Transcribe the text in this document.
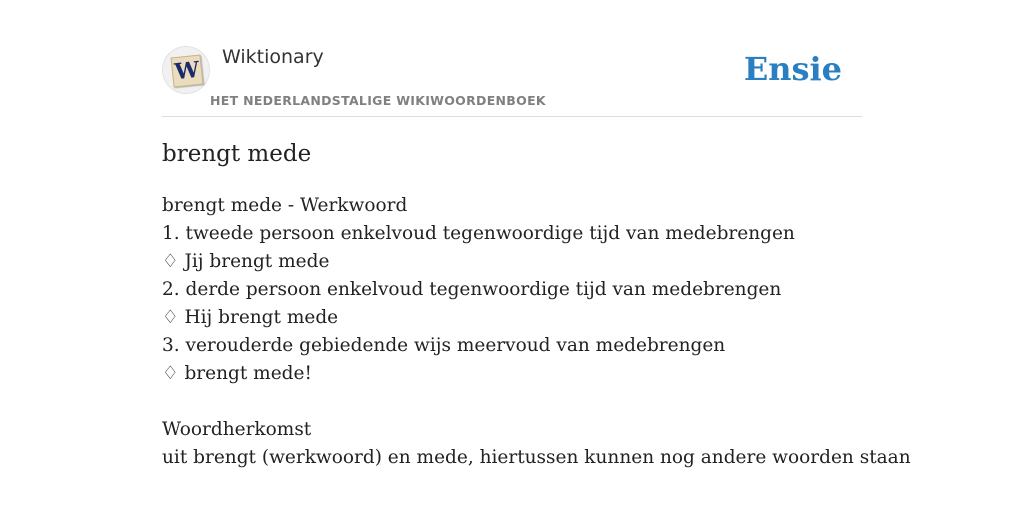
W Wiktionary
HET NEDERLANDSTALIGE WIKIWOORDENBOEK
Ensie
brengt mede
brengt mede - Werkwoord
1. tweede persoon enkelvoud tegenwoordige tijd van medebrengen
♢ Jij brengt mede
2. derde persoon enkelvoud tegenwoordige tijd van medebrengen
♢ Hij brengt mede
3. verouderde gebiedende wijs meervoud van medebrengen
♢ brengt mede!
Woordherkomst
uit brengt (werkwoord) en mede, hiertussen kunnen nog andere woorden staan
